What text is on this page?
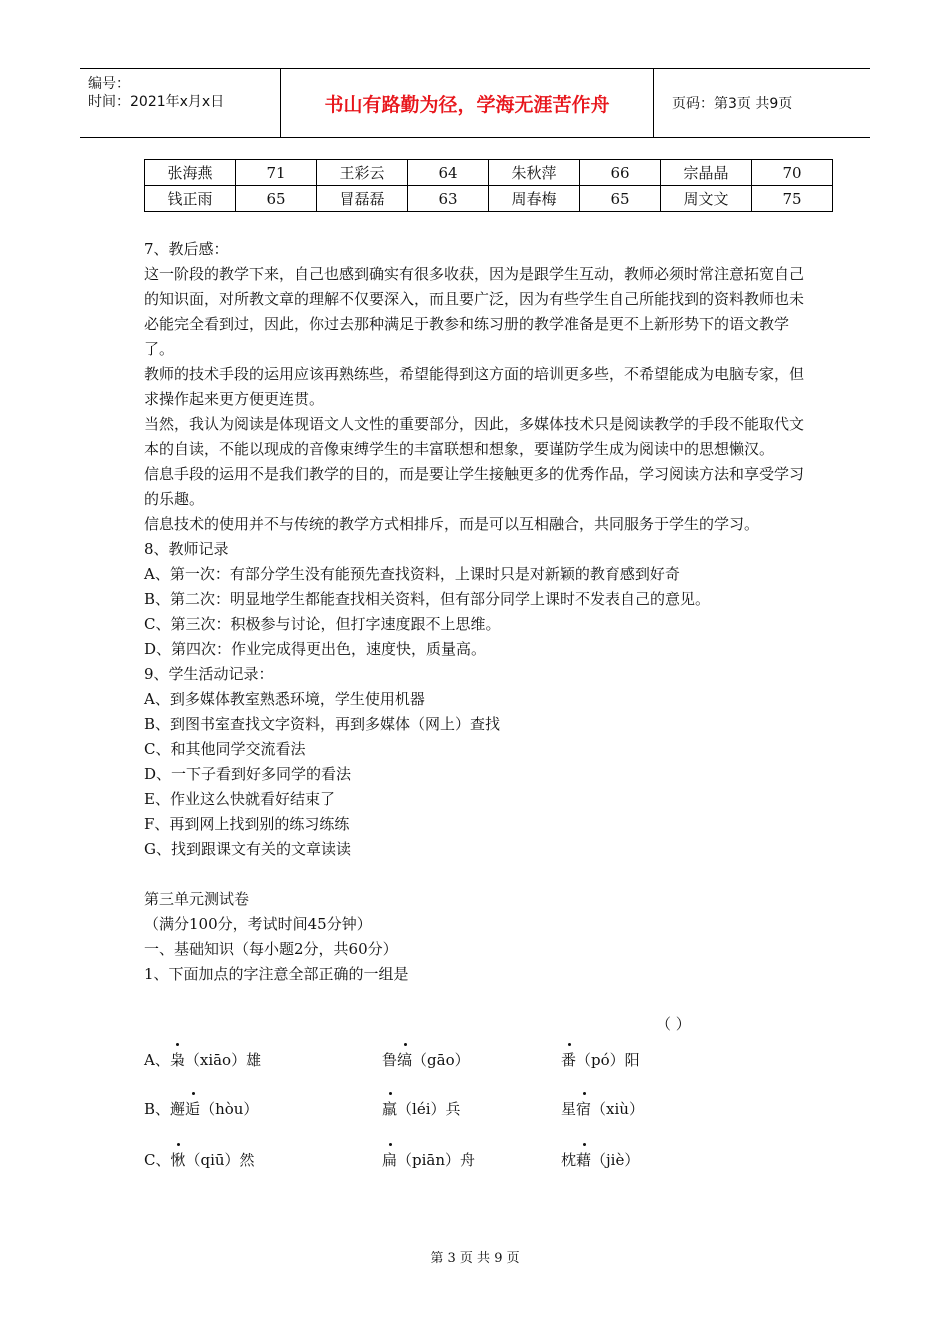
编号：
时间：2021年x月x日	书山有路勤为径，学海无涯苦作舟	页码：第3页 共9页
张海燕	71	王彩云	64	朱秋萍	66	宗晶晶	70
钱正雨	65	冒磊磊	63	周春梅	65	周文文	75

7、教后感：

这一阶段的教学下来，自己也感到确实有很多收获，因为是跟学生互动，教师必须时常注意拓宽自己的知识面，对所教文章的理解不仅要深入，而且要广泛，因为有些学生自己所能找到的资料教师也未必能完全看到过，因此，你过去那种满足于教参和练习册的教学准备是更不上新形势下的语文教学了。

教师的技术手段的运用应该再熟练些，希望能得到这方面的培训更多些，不希望能成为电脑专家，但求操作起来更方便更连贯。

当然，我认为阅读是体现语文人文性的重要部分，因此，多媒体技术只是阅读教学的手段不能取代文本的自读，不能以现成的音像束缚学生的丰富联想和想象，要谨防学生成为阅读中的思想懒汉。

信息手段的运用不是我们教学的目的，而是要让学生接触更多的优秀作品，学习阅读方法和享受学习的乐趣。

信息技术的使用并不与传统的教学方式相排斥，而是可以互相融合，共同服务于学生的学习。

8、教师记录

A、第一次：有部分学生没有能预先查找资料，上课时只是对新颖的教育感到好奇

B、第二次：明显地学生都能查找相关资料，但有部分同学上课时不发表自己的意见。

C、第三次：积极参与讨论，但打字速度跟不上思维。

D、第四次：作业完成得更出色，速度快，质量高。

9、学生活动记录：

A、到多媒体教室熟悉环境，学生使用机器

B、到图书室查找文字资料，再到多媒体（网上）查找

C、和其他同学交流看法

D、一下子看到好多同学的看法

E、作业这么快就看好结束了

F、再到网上找到别的练习练练

G、找到跟课文有关的文章读读

第三单元测试卷

（满分100分，考试时间45分钟）

一、基础知识（每小题2分，共60分）

1、下面加点的字注意全部正确的一组是

（ ）
A、枭（xiāo）雄	鲁缟（gāo）	番（pó）阳
B、邂逅（hòu）	羸（léi）兵	星宿（xiù）
C、愀（qiū）然	扁（piān）舟	枕藉（jiè）
第 3 页 共 9 页
